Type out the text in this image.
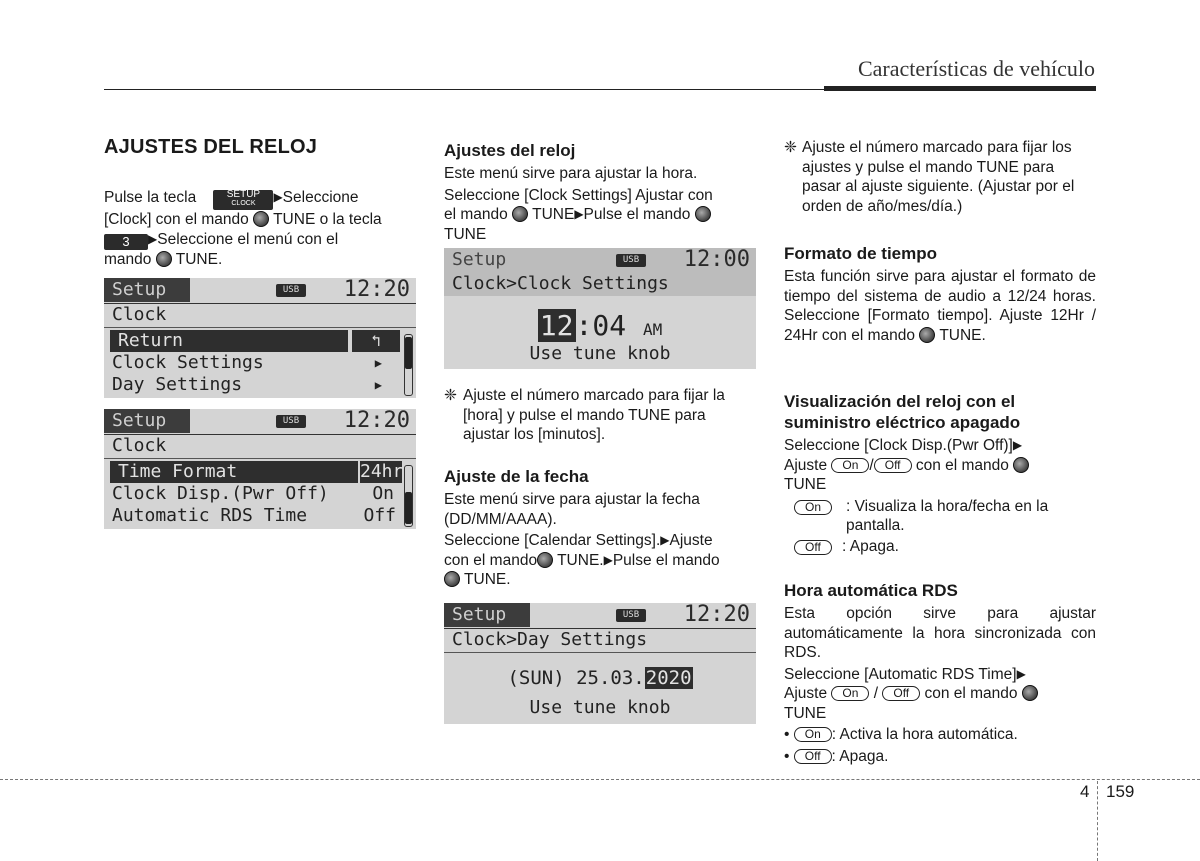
Características de vehículo
AJUSTES DEL RELOJ

Pulse la tecla	SETUP
CLOCK	▶Seleccione
[Clock] con el mando TUNE o la tecla
3 ▶Seleccione el menú con el
mando TUNE.

Setup	USB	12:20
Clock
Return	↰
Clock Settings	▶
Day Settings	▶
Setup	USB	12:20
Clock
Time Format	24hr
Clock Disp.(Pwr Off) On
Automatic RDS Time	Off
Ajustes del reloj

Este menú sirve para ajustar la hora.

Seleccione [Clock Settings] Ajustar con
el mando TUNE▶Pulse el mando
TUNE

Setup	USB	12:00
Clock>Clock Settings
12:04 AM
Use tune knob
❈ Ajuste el número marcado para fijar la [hora] y pulse el mando TUNE para ajustar los [minutos].

Ajuste de la fecha

Este menú sirve para ajustar la fecha (DD/MM/AAAA).

Seleccione [Calendar Settings].▶Ajuste
con el mando TUNE.▶Pulse el mando
TUNE.

Setup	USB	12:20
Clock>Day Settings
(SUN) 25.03.2020
Use tune knob
❈ Ajuste el número marcado para fijar los ajustes y pulse el mando TUNE para pasar al ajuste siguiente. (Ajustar por el orden de año/mes/día.)

Formato de tiempo

Esta función sirve para ajustar el formato de tiempo del sistema de audio a 12/24 horas. Seleccione [Formato tiempo]. Ajuste 12Hr / 24Hr con el mando TUNE.

Visualización del reloj con el suministro eléctrico apagado

Seleccione [Clock Disp.(Pwr Off)]▶
Ajuste On / Off con el mando
TUNE

On	: Visualiza la hora/fecha en la pantalla.

Off	: Apaga.

Hora automática RDS

Esta opción sirve para ajustar automáticamente la hora sincronizada con RDS.

Seleccione [Automatic RDS Time]▶
Ajuste On / Off con el mando
TUNE

• On : Activa la hora automática.

• Off : Apaga.

4 159
